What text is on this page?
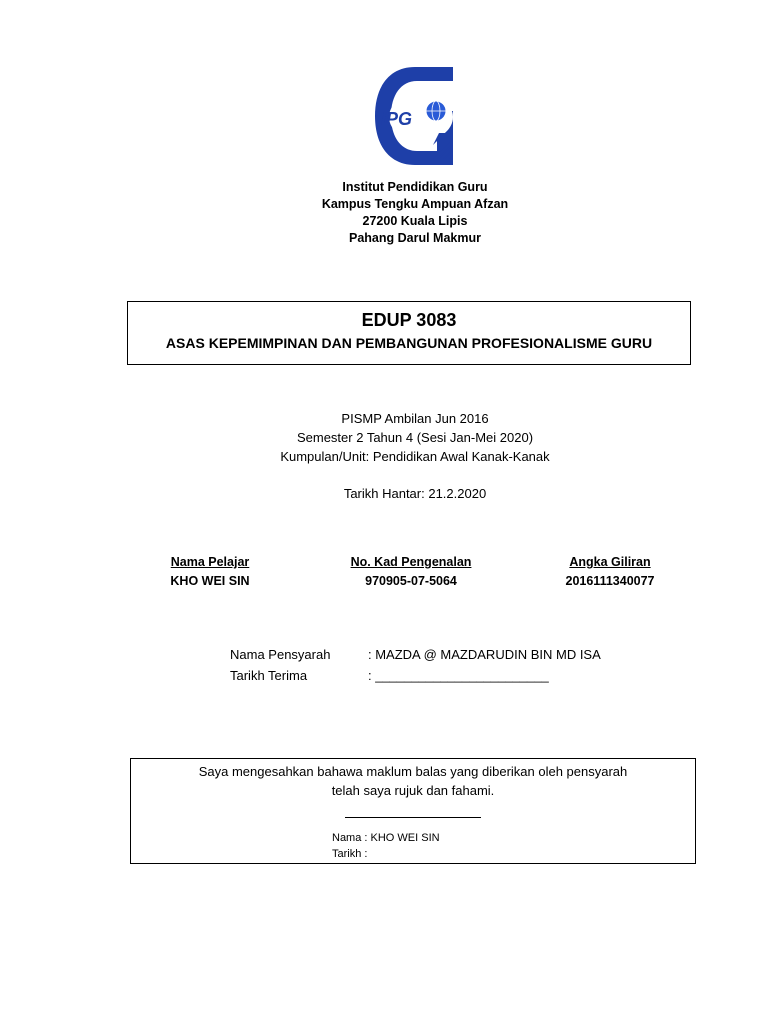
IPG
Institut Pendidikan Guru
Kampus Tengku Ampuan Afzan
27200 Kuala Lipis
Pahang Darul Makmur
EDUP 3083
ASAS KEPEMIMPINAN DAN PEMBANGUNAN PROFESIONALISME GURU
PISMP Ambilan Jun 2016
Semester 2 Tahun 4 (Sesi Jan-Mei 2020)
Kumpulan/Unit: Pendidikan Awal Kanak-Kanak
Tarikh Hantar: 21.2.2020
Nama Pelajar
KHO WEI SIN
No. Kad Pengenalan
970905-07-5064
Angka Giliran
2016111340077
Nama Pensyarah	: MAZDA @ MAZDARUDIN BIN MD ISA
Tarikh Terima	: ________________________
Saya mengesahkan bahawa maklum balas yang diberikan oleh pensyarah
telah saya rujuk dan fahami.
Nama : KHO WEI SIN
Tarikh :
